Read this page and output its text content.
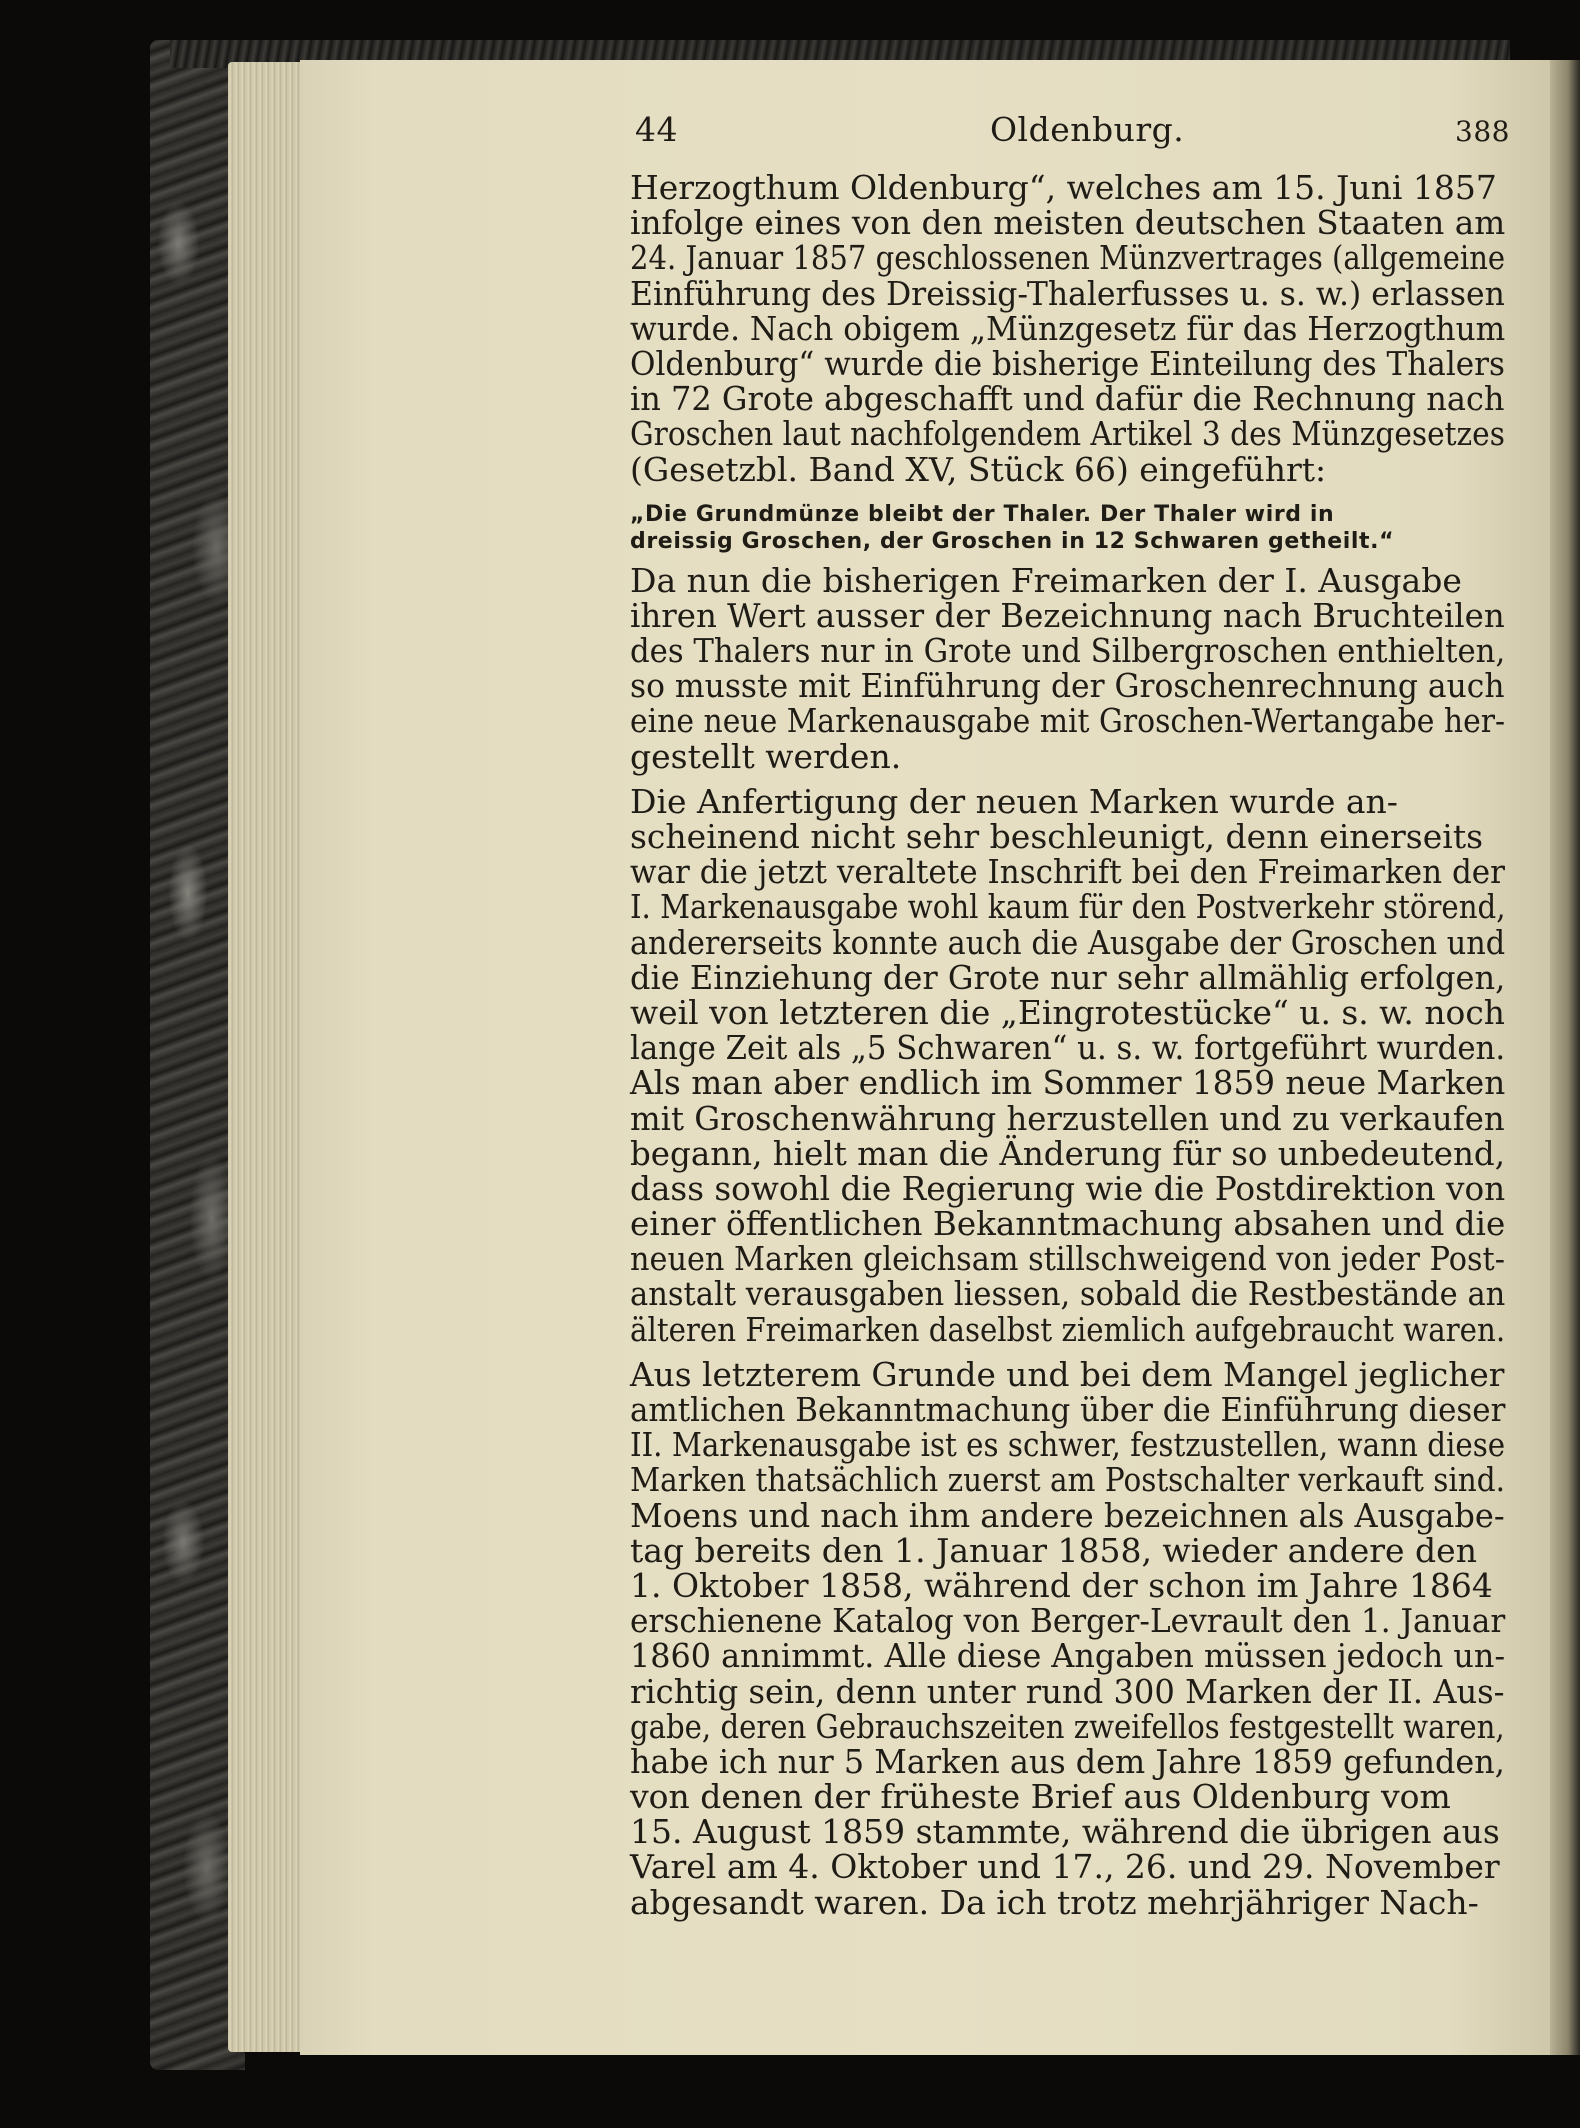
44	Oldenburg.	388
Herzogthum Oldenburg“, welches am 15. Juni 1857
infolge eines von den meisten deutschen Staaten am
24. Januar 1857 geschlossenen Münzvertrages (allgemeine
Einführung des Dreissig-Thalerfusses u. s. w.) erlassen
wurde. Nach obigem „Münzgesetz für das Herzogthum
Oldenburg“ wurde die bisherige Einteilung des Thalers
in 72 Grote abgeschafft und dafür die Rechnung nach
Groschen laut nachfolgendem Artikel 3 des Münzgesetzes
(Gesetzbl. Band XV, Stück 66) eingeführt:
„Die Grundmünze bleibt der Thaler. Der Thaler wird in
dreissig Groschen, der Groschen in 12 Schwaren getheilt.“
Da nun die bisherigen Freimarken der I. Ausgabe
ihren Wert ausser der Bezeichnung nach Bruchteilen
des Thalers nur in Grote und Silbergroschen enthielten,
so musste mit Einführung der Groschenrechnung auch
eine neue Markenausgabe mit Groschen-Wertangabe her-
gestellt werden.
Die Anfertigung der neuen Marken wurde an-
scheinend nicht sehr beschleunigt, denn einerseits
war die jetzt veraltete Inschrift bei den Freimarken der
I. Markenausgabe wohl kaum für den Postverkehr störend,
andererseits konnte auch die Ausgabe der Groschen und
die Einziehung der Grote nur sehr allmählig erfolgen,
weil von letzteren die „Eingrotestücke“ u. s. w. noch
lange Zeit als „5 Schwaren“ u. s. w. fortgeführt wurden.
Als man aber endlich im Sommer 1859 neue Marken
mit Groschenwährung herzustellen und zu verkaufen
begann, hielt man die Änderung für so unbedeutend,
dass sowohl die Regierung wie die Postdirektion von
einer öffentlichen Bekanntmachung absahen und die
neuen Marken gleichsam stillschweigend von jeder Post-
anstalt verausgaben liessen, sobald die Restbestände an
älteren Freimarken daselbst ziemlich aufgebraucht waren.
Aus letzterem Grunde und bei dem Mangel jeglicher
amtlichen Bekanntmachung über die Einführung dieser
II. Markenausgabe ist es schwer, festzustellen, wann diese
Marken thatsächlich zuerst am Postschalter verkauft sind.
Moens und nach ihm andere bezeichnen als Ausgabe-
tag bereits den 1. Januar 1858, wieder andere den
1. Oktober 1858, während der schon im Jahre 1864
erschienene Katalog von Berger-Levrault den 1. Januar
1860 annimmt. Alle diese Angaben müssen jedoch un-
richtig sein, denn unter rund 300 Marken der II. Aus-
gabe, deren Gebrauchszeiten zweifellos festgestellt waren,
habe ich nur 5 Marken aus dem Jahre 1859 gefunden,
von denen der früheste Brief aus Oldenburg vom
15. August 1859 stammte, während die übrigen aus
Varel am 4. Oktober und 17., 26. und 29. November
abgesandt waren. Da ich trotz mehrjähriger Nach-
